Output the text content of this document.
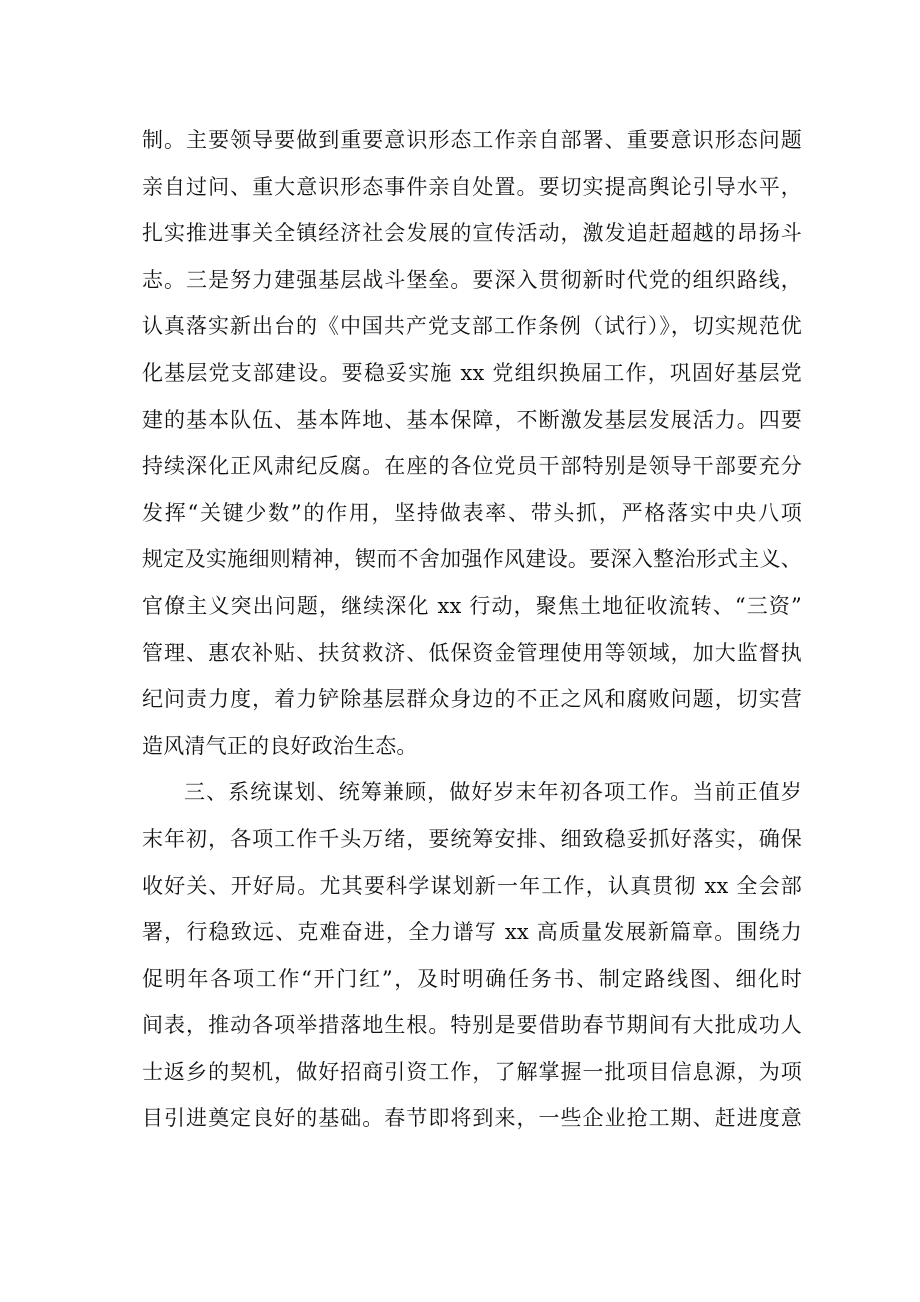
制。主要领导要做到重要意识形态工作亲自部署、重要意识形态问题
亲自过问、重大意识形态事件亲自处置。要切实提高舆论引导水平，
扎实推进事关全镇经济社会发展的宣传活动，激发追赶超越的昂扬斗
志。三是努力建强基层战斗堡垒。要深入贯彻新时代党的组织路线，
认真落实新出台的《中国共产党支部工作条例（试行）》，切实规范优
化基层党支部建设。要稳妥实施 xx 党组织换届工作，巩固好基层党
建的基本队伍、基本阵地、基本保障，不断激发基层发展活力。四要
持续深化正风肃纪反腐。在座的各位党员干部特别是领导干部要充分
发挥“关键少数”的作用，坚持做表率、带头抓，严格落实中央八项
规定及实施细则精神，锲而不舍加强作风建设。要深入整治形式主义、
官僚主义突出问题，继续深化 xx 行动，聚焦土地征收流转、“三资”
管理、惠农补贴、扶贫救济、低保资金管理使用等领域，加大监督执
纪问责力度，着力铲除基层群众身边的不正之风和腐败问题，切实营
造风清气正的良好政治生态。
三、系统谋划、统筹兼顾，做好岁末年初各项工作。当前正值岁
末年初，各项工作千头万绪，要统筹安排、细致稳妥抓好落实，确保
收好关、开好局。尤其要科学谋划新一年工作，认真贯彻 xx 全会部
署，行稳致远、克难奋进，全力谱写 xx 高质量发展新篇章。围绕力
促明年各项工作“开门红”，及时明确任务书、制定路线图、细化时
间表，推动各项举措落地生根。特别是要借助春节期间有大批成功人
士返乡的契机，做好招商引资工作，了解掌握一批项目信息源，为项
目引进奠定良好的基础。春节即将到来，一些企业抢工期、赶进度意
